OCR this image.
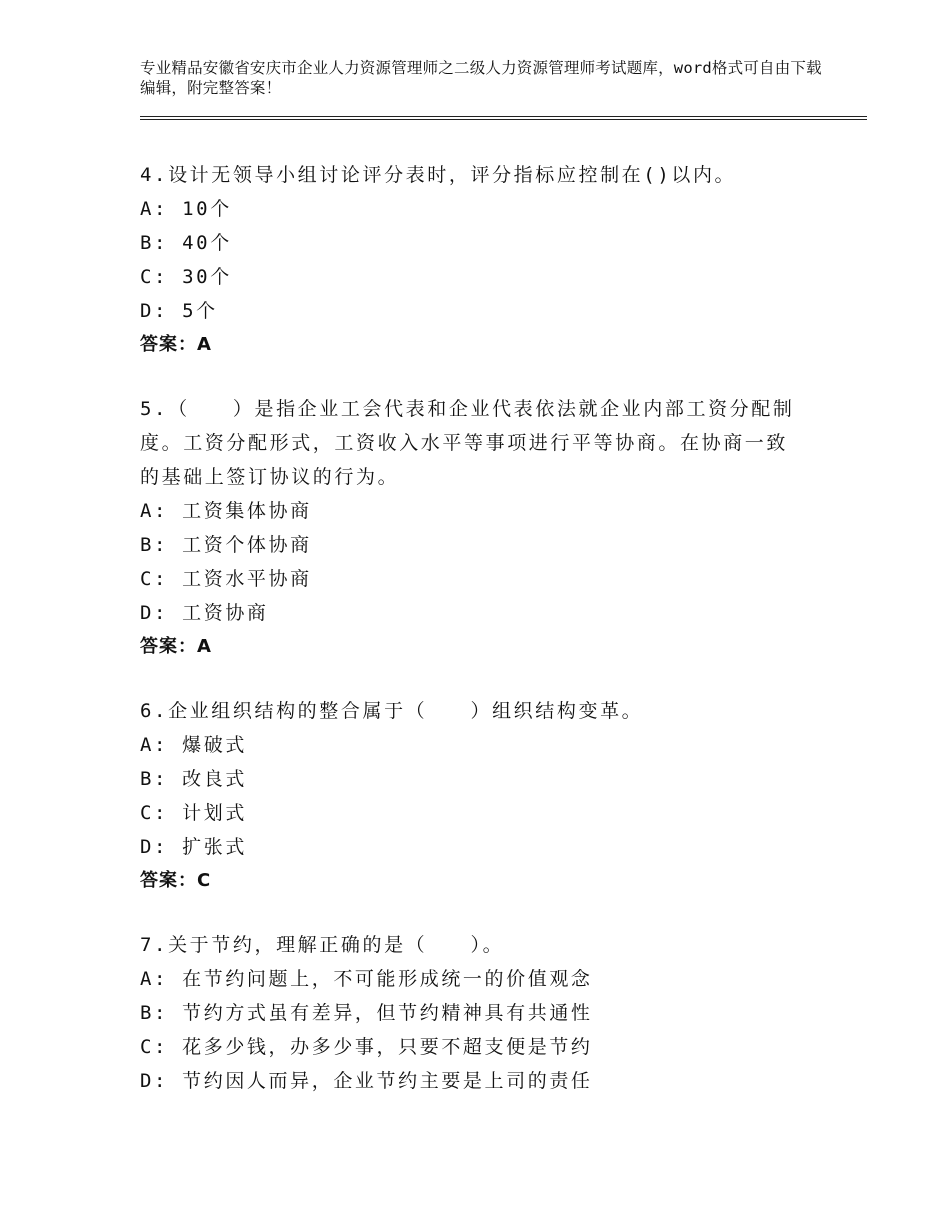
专业精品安徽省安庆市企业人力资源管理师之二级人力资源管理师考试题库，word格式可自由下载编辑，附完整答案！
4.设计无领导小组讨论评分表时，评分指标应控制在()以内。
A: 10个
B: 40个
C: 30个
D: 5个
答案：A
5.（　　）是指企业工会代表和企业代表依法就企业内部工资分配制度。工资分配形式，工资收入水平等事项进行平等协商。在协商一致的基础上签订协议的行为。
A: 工资集体协商
B: 工资个体协商
C: 工资水平协商
D: 工资协商
答案：A
6.企业组织结构的整合属于（　　）组织结构变革。
A: 爆破式
B: 改良式
C: 计划式
D: 扩张式
答案：C
7.关于节约，理解正确的是（　　）。
A: 在节约问题上，不可能形成统一的价值观念
B: 节约方式虽有差异，但节约精神具有共通性
C: 花多少钱，办多少事，只要不超支便是节约
D: 节约因人而异，企业节约主要是上司的责任
